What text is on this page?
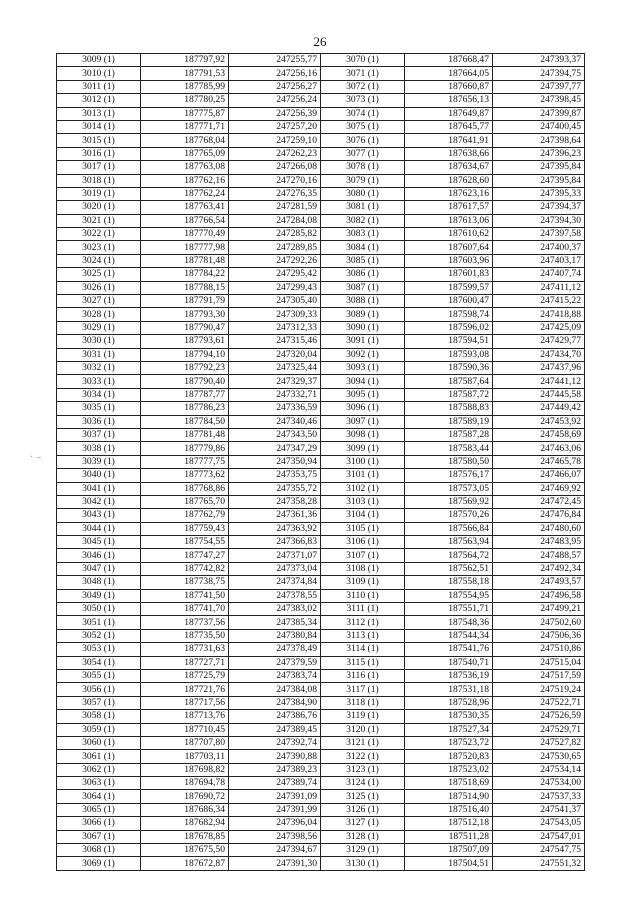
26
3009 (1)	187797,92	247255,77	3070 (1)	187668,47	247393,37
3010 (1)	187791,53	247256,16	3071 (1)	187664,05	247394,75
3011 (1)	187785,99	247256,27	3072 (1)	187660,87	247397,77
3012 (1)	187780,25	247256,24	3073 (1)	187656,13	247398,45
3013 (1)	187775,87	247256,39	3074 (1)	187649,87	247399,87
3014 (1)	187771,71	247257,20	3075 (1)	187645,77	247400,45
3015 (1)	187768,04	247259,10	3076 (1)	187641,91	247398,64
3016 (1)	187765,09	247262,23	3077 (1)	187638,66	247396,23
3017 (1)	187763,08	247266,08	3078 (1)	187634,67	247395,84
3018 (1)	187762,16	247270,16	3079 (1)	187628,60	247395,84
3019 (1)	187762,24	247276,35	3080 (1)	187623,16	247395,33
3020 (1)	187763,41	247281,59	3081 (1)	187617,57	247394,37
3021 (1)	187766,54	247284,08	3082 (1)	187613,06	247394,30
3022 (1)	187770,49	247285,82	3083 (1)	187610,62	247397,58
3023 (1)	187777,98	247289,85	3084 (1)	187607,64	247400,37
3024 (1)	187781,48	247292,26	3085 (1)	187603,96	247403,17
3025 (1)	187784,22	247295,42	3086 (1)	187601,83	247407,74
3026 (1)	187788,15	247299,43	3087 (1)	187599,57	247411,12
3027 (1)	187791,79	247305,40	3088 (1)	187600,47	247415,22
3028 (1)	187793,30	247309,33	3089 (1)	187598,74	247418,88
3029 (1)	187790,47	247312,33	3090 (1)	187596,02	247425,09
3030 (1)	187793,61	247315,46	3091 (1)	187594,51	247429,77
3031 (1)	187794,10	247320,04	3092 (1)	187593,08	247434,70
3032 (1)	187792,23	247325,44	3093 (1)	187590,36	247437,96
3033 (1)	187790,40	247329,37	3094 (1)	187587,64	247441,12
3034 (1)	187787,77	247332,71	3095 (1)	187587,72	247445,58
3035 (1)	187786,23	247336,59	3096 (1)	187588,83	247449,42
3036 (1)	187784,50	247340,46	3097 (1)	187589,19	247453,92
3037 (1)	187781,48	247343,50	3098 (1)	187587,28	247458,69
3038 (1)	187779,86	247347,29	3099 (1)	187583,44	247463,06
3039 (1)	187777,75	247350,94	3100 (1)	187580,50	247465,78
3040 (1)	187773,62	247353,75	3101 (1)	187576,17	247466,07
3041 (1)	187768,86	247355,72	3102 (1)	187573,05	247469,92
3042 (1)	187765,70	247358,28	3103 (1)	187569,92	247472,45
3043 (1)	187762,79	247361,36	3104 (1)	187570,26	247476,84
3044 (1)	187759,43	247363,92	3105 (1)	187566,84	247480,60
3045 (1)	187754,55	247366,83	3106 (1)	187563,94	247483,95
3046 (1)	187747,27	247371,07	3107 (1)	187564,72	247488,57
3047 (1)	187742,82	247373,04	3108 (1)	187562,51	247492,34
3048 (1)	187738,75	247374,84	3109 (1)	187558,18	247493,57
3049 (1)	187741,50	247378,55	3110 (1)	187554,95	247496,58
3050 (1)	187741,70	247383,02	3111 (1)	187551,71	247499,21
3051 (1)	187737,56	247385,34	3112 (1)	187548,36	247502,60
3052 (1)	187735,50	247380,84	3113 (1)	187544,34	247506,36
3053 (1)	187731,63	247378,49	3114 (1)	187541,76	247510,86
3054 (1)	187727,71	247379,59	3115 (1)	187540,71	247515,04
3055 (1)	187725,79	247383,74	3116 (1)	187536,19	247517,59
3056 (1)	187721,76	247384,08	3117 (1)	187531,18	247519,24
3057 (1)	187717,56	247384,90	3118 (1)	187528,96	247522,71
3058 (1)	187713,76	247386,76	3119 (1)	187530,35	247526,59
3059 (1)	187710,45	247389,45	3120 (1)	187527,34	247529,71
3060 (1)	187707,80	247392,74	3121 (1)	187523,72	247527,82
3061 (1)	187703,11	247390,88	3122 (1)	187520,83	247530,65
3062 (1)	187698,82	247389,23	3123 (1)	187523,02	247534,14
3063 (1)	187694,78	247389,74	3124 (1)	187518,69	247534,00
3064 (1)	187690,72	247391,09	3125 (1)	187514,90	247537,33
3065 (1)	187686,34	247391,99	3126 (1)	187516,40	247541,37
3066 (1)	187682,94	247396,04	3127 (1)	187512,18	247543,05
3067 (1)	187678,85	247398,56	3128 (1)	187511,28	247547,01
3068 (1)	187675,50	247394,67	3129 (1)	187507,09	247547,75
3069 (1)	187672,87	247391,30	3130 (1)	187504,51	247551,32
· –
